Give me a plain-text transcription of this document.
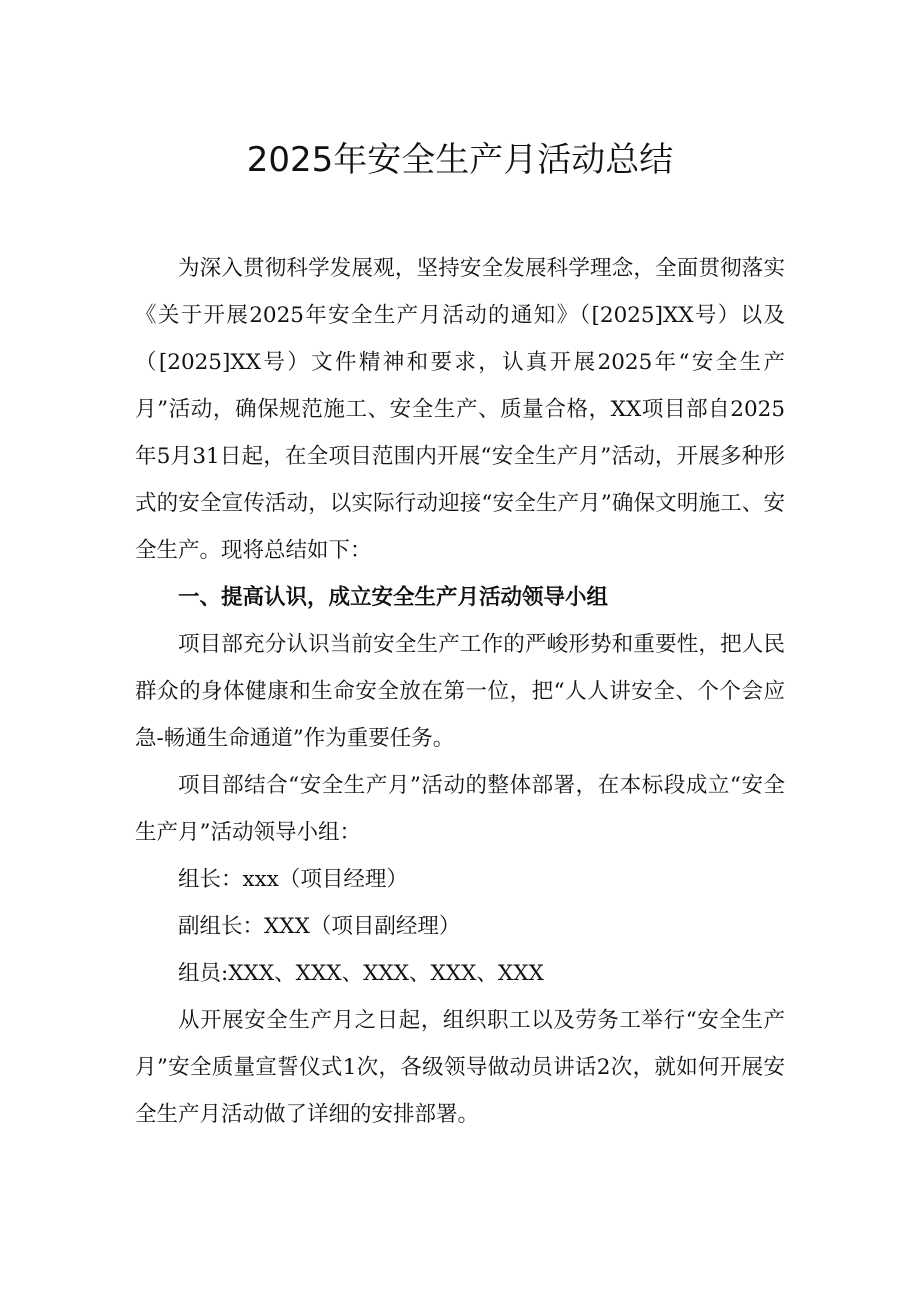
2025年安全生产月活动总结

为深入贯彻科学发展观，坚持安全发展科学理念，全面贯彻落实《关于开展2025年安全生产月活动的通知》（[2025]XX号）以及（[2025]XX号）文件精神和要求，认真开展2025年“安全生产月”活动，确保规范施工、安全生产、质量合格，XX项目部自2025年5月31日起，在全项目范围内开展“安全生产月”活动，开展多种形式的安全宣传活动，以实际行动迎接“安全生产月”确保文明施工、安全生产。现将总结如下：

一、提高认识，成立安全生产月活动领导小组

项目部充分认识当前安全生产工作的严峻形势和重要性，把人民群众的身体健康和生命安全放在第一位，把“人人讲安全、个个会应急-畅通生命通道”作为重要任务。

项目部结合“安全生产月”活动的整体部署，在本标段成立“安全生产月”活动领导小组：

组长：xxx（项目经理）

副组长：XXX（项目副经理）

组员:XXX、XXX、XXX、XXX、XXX

从开展安全生产月之日起，组织职工以及劳务工举行“安全生产月”安全质量宣誓仪式1次，各级领导做动员讲话2次，就如何开展安全生产月活动做了详细的安排部署。
